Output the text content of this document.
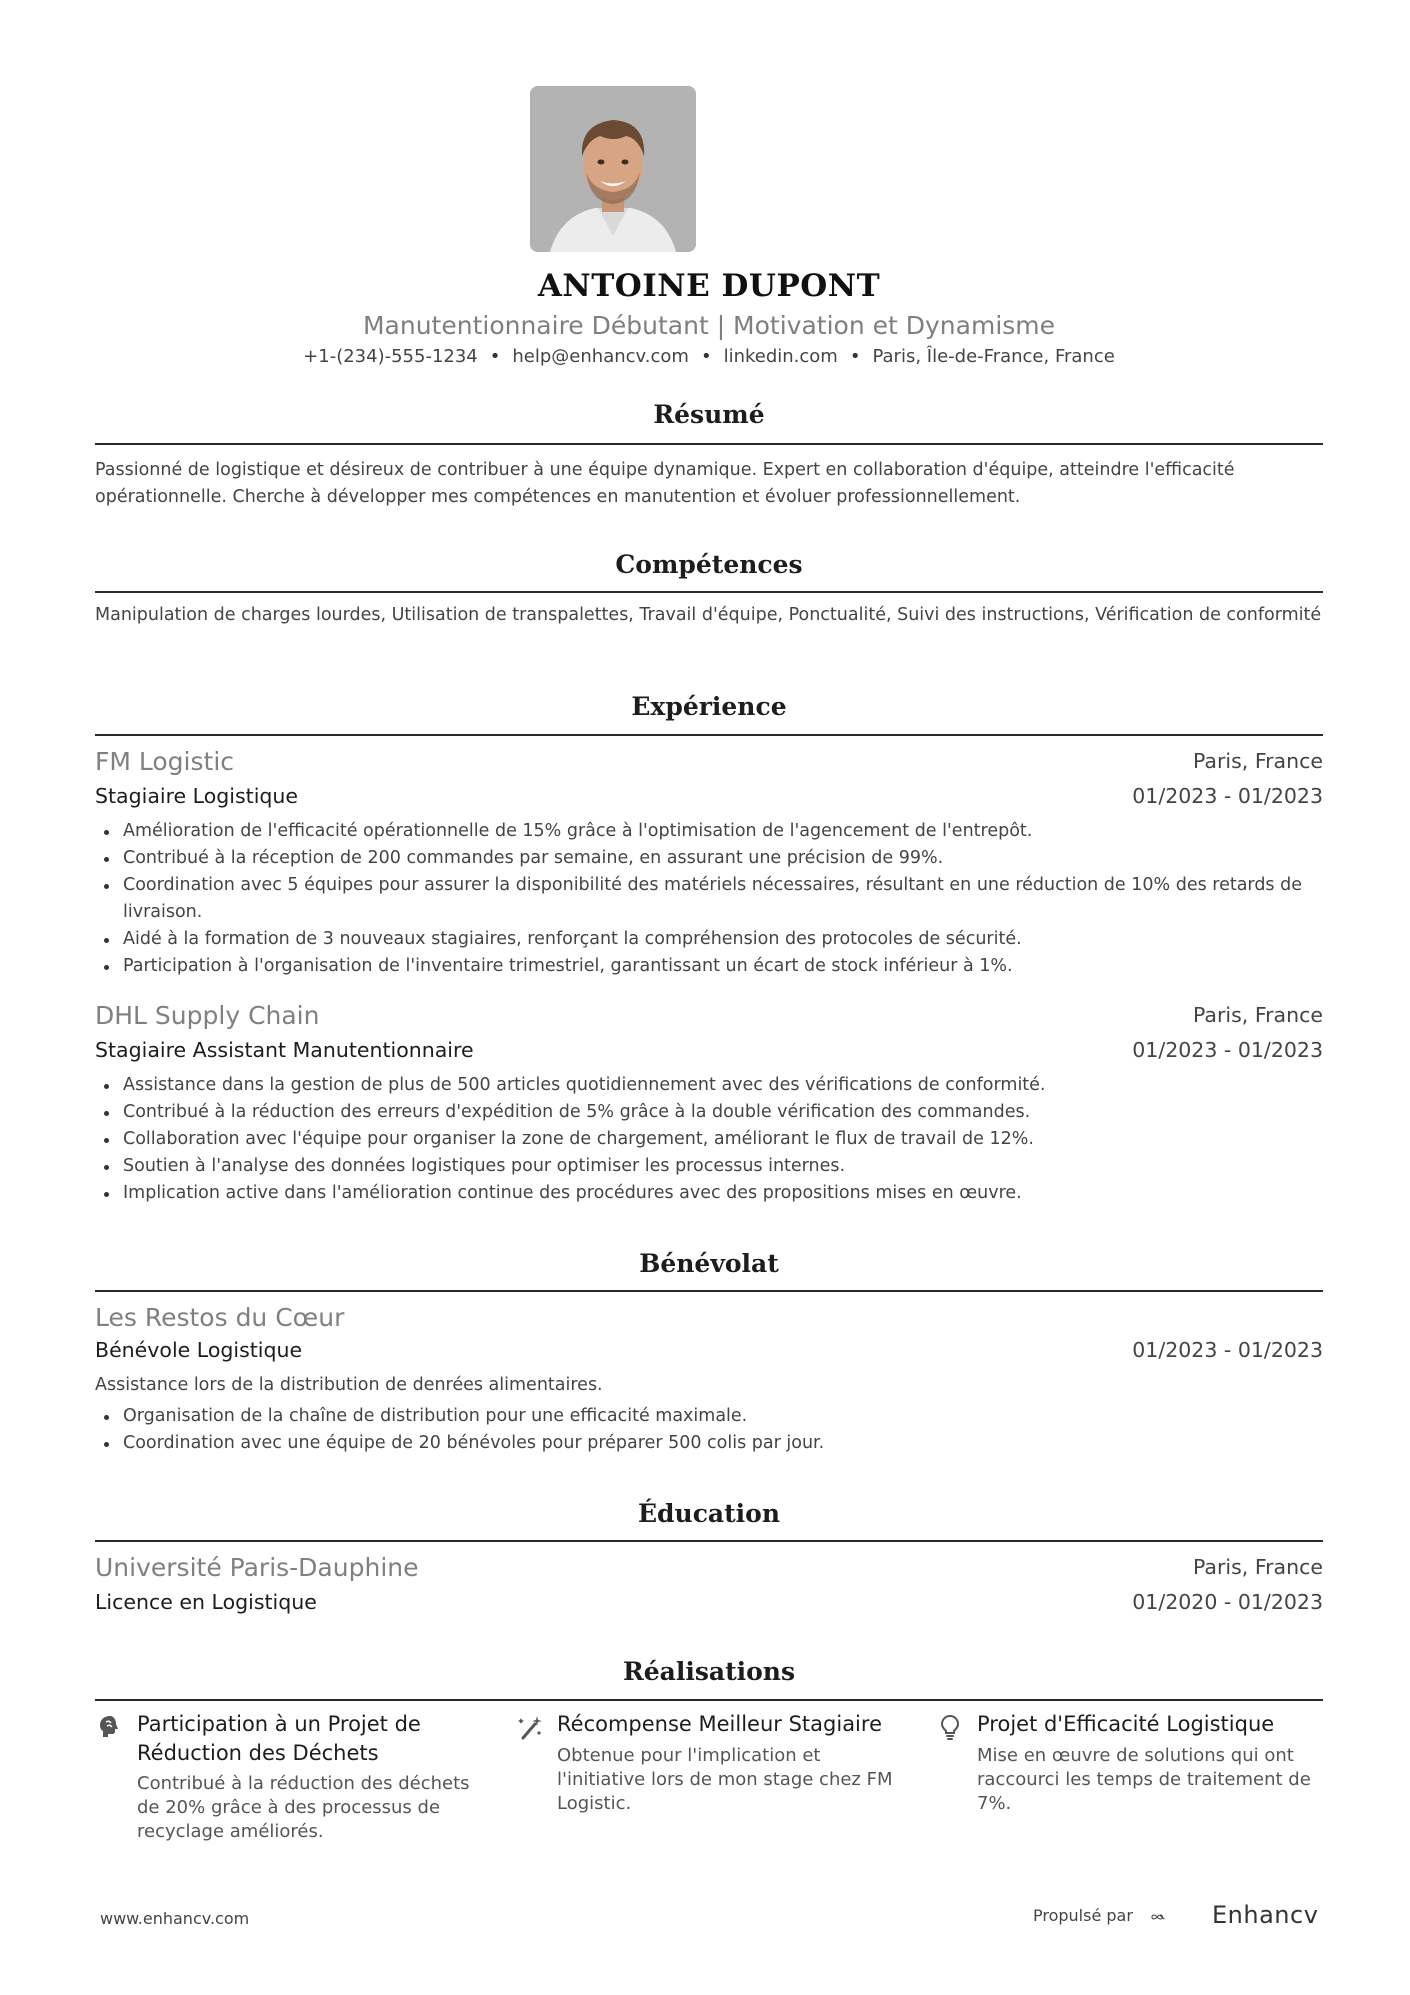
ANTOINE DUPONT
Manutentionnaire Débutant | Motivation et Dynamisme
+1-(234)-555-1234 • help@enhancv.com • linkedin.com • Paris, Île-de-France, France
Résumé
Passionné de logistique et désireux de contribuer à une équipe dynamique. Expert en collaboration d'équipe, atteindre l'efficacité opérationnelle. Cherche à développer mes compétences en manutention et évoluer professionnellement.
Compétences
Manipulation de charges lourdes, Utilisation de transpalettes, Travail d'équipe, Ponctualité, Suivi des instructions, Vérification de conformité
Expérience
FM Logistic	Paris, France
Stagiaire Logistique	01/2023 - 01/2023
Amélioration de l'efficacité opérationnelle de 15% grâce à l'optimisation de l'agencement de l'entrepôt.
Contribué à la réception de 200 commandes par semaine, en assurant une précision de 99%.
Coordination avec 5 équipes pour assurer la disponibilité des matériels nécessaires, résultant en une réduction de 10% des retards de livraison.
Aidé à la formation de 3 nouveaux stagiaires, renforçant la compréhension des protocoles de sécurité.
Participation à l'organisation de l'inventaire trimestriel, garantissant un écart de stock inférieur à 1%.
DHL Supply Chain	Paris, France
Stagiaire Assistant Manutentionnaire	01/2023 - 01/2023
Assistance dans la gestion de plus de 500 articles quotidiennement avec des vérifications de conformité.
Contribué à la réduction des erreurs d'expédition de 5% grâce à la double vérification des commandes.
Collaboration avec l'équipe pour organiser la zone de chargement, améliorant le flux de travail de 12%.
Soutien à l'analyse des données logistiques pour optimiser les processus internes.
Implication active dans l'amélioration continue des procédures avec des propositions mises en œuvre.
Bénévolat
Les Restos du Cœur
Bénévole Logistique	01/2023 - 01/2023
Assistance lors de la distribution de denrées alimentaires.
Organisation de la chaîne de distribution pour une efficacité maximale.
Coordination avec une équipe de 20 bénévoles pour préparer 500 colis par jour.
Éducation
Université Paris-Dauphine	Paris, France
Licence en Logistique	01/2020 - 01/2023
Réalisations
Participation à un Projet de Réduction des Déchets
Contribué à la réduction des déchets de 20% grâce à des processus de recyclage améliorés.
Récompense Meilleur Stagiaire
Obtenue pour l'implication et l'initiative lors de mon stage chez FM Logistic.
Projet d'Efficacité Logistique
Mise en œuvre de solutions qui ont raccourci les temps de traitement de 7%.
www.enhancv.com	Propulsé par	Enhancv
